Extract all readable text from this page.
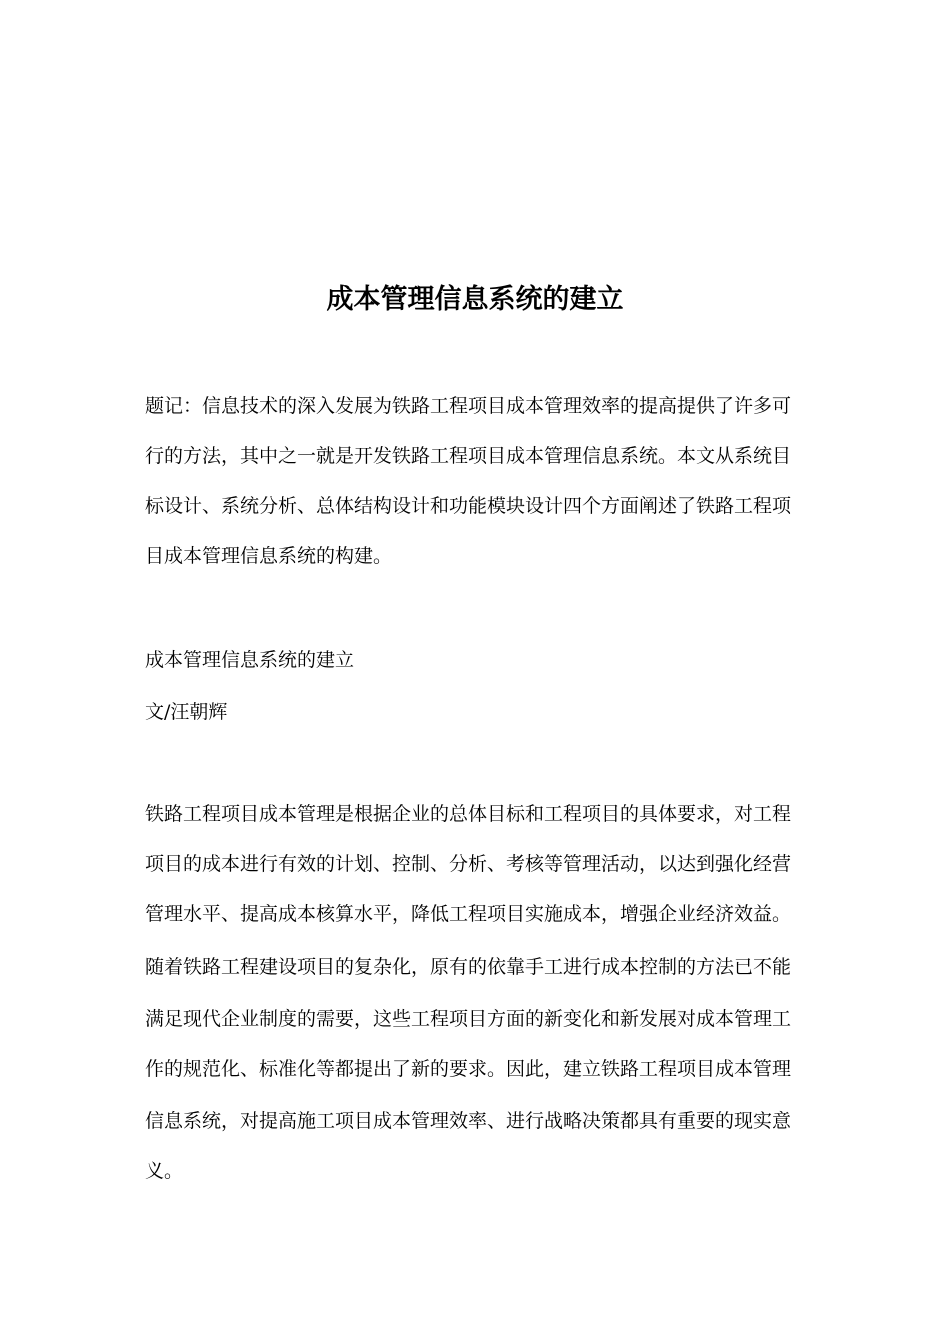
成本管理信息系统的建立
题记：信息技术的深入发展为铁路工程项目成本管理效率的提高提供了许多可
行的方法，其中之一就是开发铁路工程项目成本管理信息系统。本文从系统目
标设计、系统分析、总体结构设计和功能模块设计四个方面阐述了铁路工程项
目成本管理信息系统的构建。
成本管理信息系统的建立
文/汪朝辉
铁路工程项目成本管理是根据企业的总体目标和工程项目的具体要求，对工程
项目的成本进行有效的计划、控制、分析、考核等管理活动，以达到强化经营
管理水平、提高成本核算水平，降低工程项目实施成本，增强企业经济效益。
随着铁路工程建设项目的复杂化，原有的依靠手工进行成本控制的方法已不能
满足现代企业制度的需要，这些工程项目方面的新变化和新发展对成本管理工
作的规范化、标准化等都提出了新的要求。因此，建立铁路工程项目成本管理
信息系统，对提高施工项目成本管理效率、进行战略决策都具有重要的现实意
义。
